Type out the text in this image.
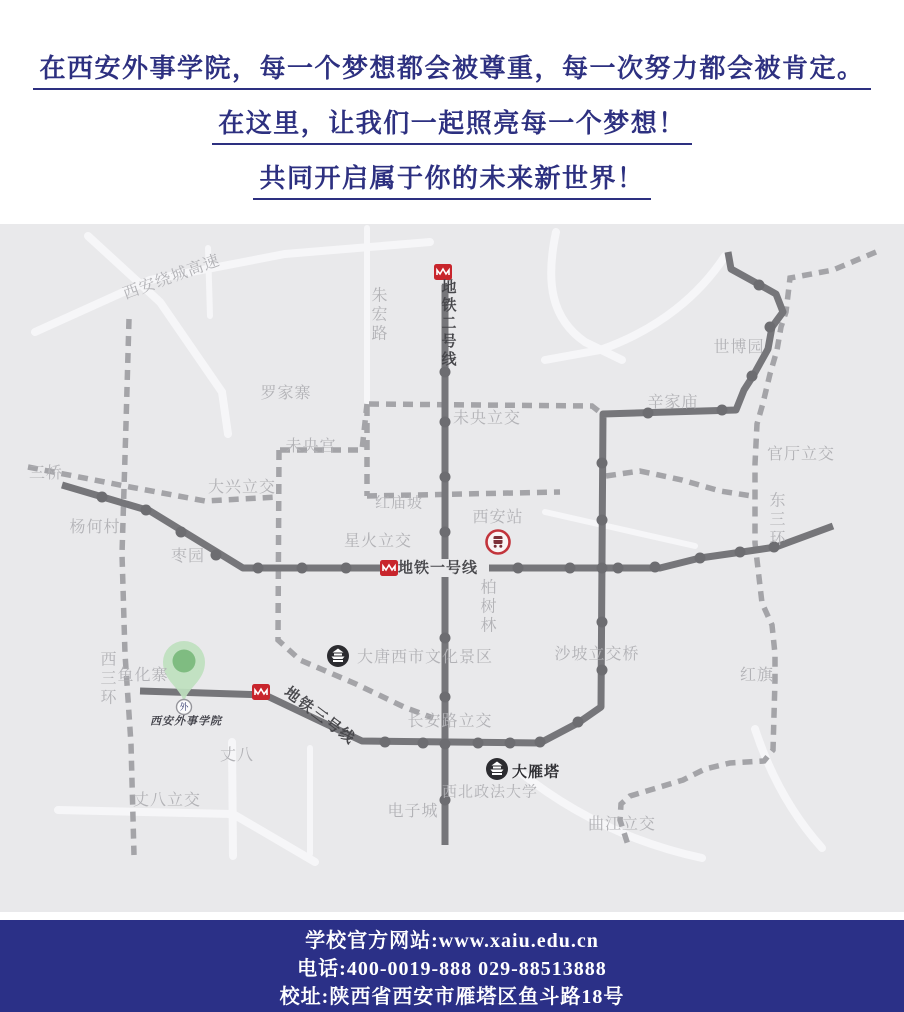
在西安外事学院，每一个梦想都会被尊重，每一次努力都会被肯定。

在这里，让我们一起照亮每一个梦想！

共同开启属于你的未来新世界！

外
西安绕城高速
朱宏路	地铁二号线
罗家寨
未央宫
未央立交
辛家庙
世博园
官厅立交
大兴立交
红庙坡
三桥
杨何村
枣园
星火立交
地铁一号线
西安站	东三环
柏树林
沙坡立交桥
红旗
西三环 鱼化寨
大唐西市文化景区
地铁三号线	长安路立交
丈八
丈八立交
电子城
西北政法大学
大雁塔
曲江立交
西安外事学院

学校官方网站:www.xaiu.edu.cn

电话:400-0019-888 029-88513888

校址:陕西省西安市雁塔区鱼斗路18号
